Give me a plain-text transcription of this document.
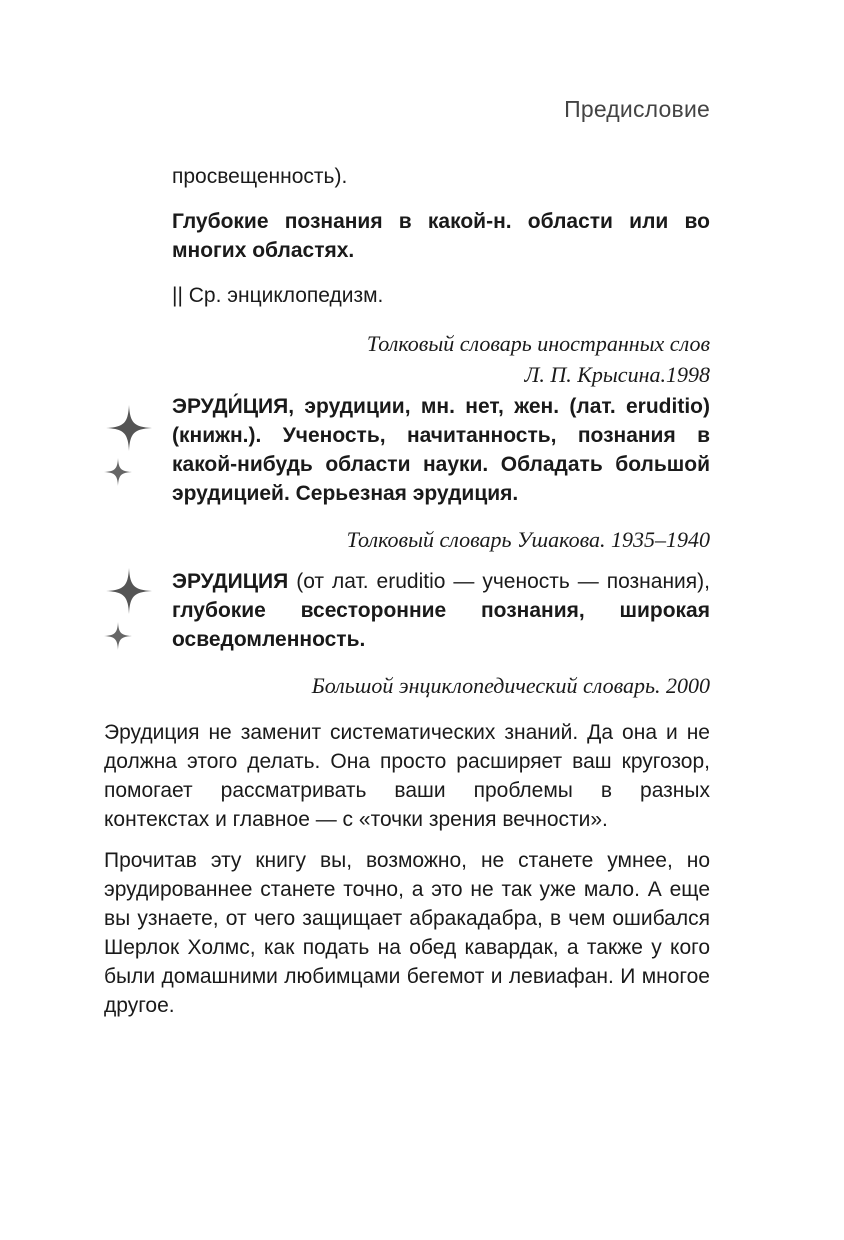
Предисловие

просвещенность).

Глубокие познания в какой-н. области или во многих областях.

|| Ср. энциклопедизм.

Толковый словарь иностранных слов

Л. П. Крысина.1998

ЭРУДИ́ЦИЯ, эрудиции, мн. нет, жен. (лат. eruditio) (книжн.). Ученость, начитанность, познания в какой-нибудь области науки. Обладать большой эрудицией. Серьезная эрудиция.

Толковый словарь Ушакова. 1935–1940

ЭРУДИЦИЯ (от лат. eruditio — ученость — познания), глубокие всесторонние познания, широкая осведомленность.

Большой энциклопедический словарь. 2000

Эрудиция не заменит систематических знаний. Да она и не должна этого делать. Она просто расширяет ваш кругозор, помогает рассматривать ваши проблемы в разных контекстах и главное — с «точки зрения вечности».

Прочитав эту книгу вы, возможно, не станете умнее, но эрудированнее станете точно, а это не так уже мало. А еще вы узнаете, от чего защищает абракадабра, в чем ошибался Шерлок Холмс, как подать на обед кавардак, а также у кого были домашними любимцами бегемот и левиафан. И многое другое.
